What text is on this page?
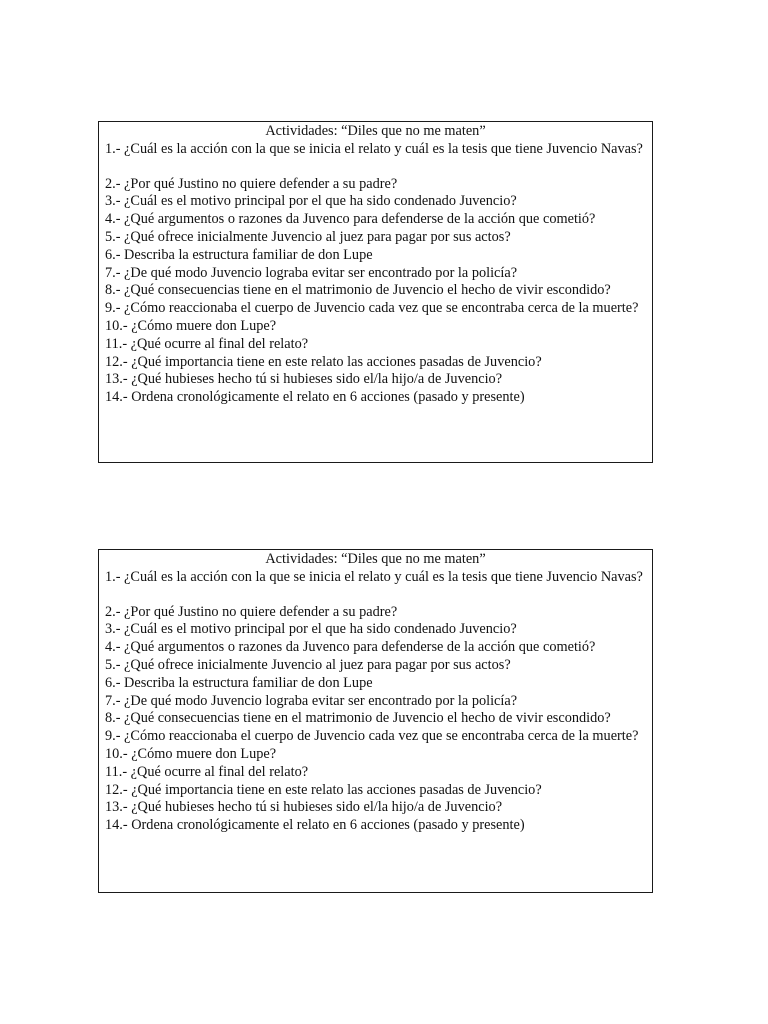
Actividades: “Diles que no me maten”

1.- ¿Cuál es la acción con la que se inicia el relato y cuál es la tesis que tiene Juvencio Navas?

2.- ¿Por qué Justino no quiere defender a su padre?

3.- ¿Cuál es el motivo principal por el que ha sido condenado Juvencio?

4.- ¿Qué argumentos o razones da Juvenco para defenderse de la acción que cometió?

5.- ¿Qué ofrece inicialmente Juvencio al juez para pagar por sus actos?

6.- Describa la estructura familiar de don Lupe

7.- ¿De qué modo Juvencio lograba evitar ser encontrado por la policía?

8.- ¿Qué consecuencias tiene en el matrimonio de Juvencio el hecho de vivir escondido?

9.- ¿Cómo reaccionaba el cuerpo de Juvencio cada vez que se encontraba cerca de la muerte?

10.- ¿Cómo muere don Lupe?

11.- ¿Qué ocurre al final del relato?

12.- ¿Qué importancia tiene en este relato las acciones pasadas de Juvencio?

13.- ¿Qué hubieses hecho tú si hubieses sido el/la hijo/a de Juvencio?

14.- Ordena cronológicamente el relato en 6 acciones (pasado y presente)

Actividades: “Diles que no me maten”

1.- ¿Cuál es la acción con la que se inicia el relato y cuál es la tesis que tiene Juvencio Navas?

2.- ¿Por qué Justino no quiere defender a su padre?

3.- ¿Cuál es el motivo principal por el que ha sido condenado Juvencio?

4.- ¿Qué argumentos o razones da Juvenco para defenderse de la acción que cometió?

5.- ¿Qué ofrece inicialmente Juvencio al juez para pagar por sus actos?

6.- Describa la estructura familiar de don Lupe

7.- ¿De qué modo Juvencio lograba evitar ser encontrado por la policía?

8.- ¿Qué consecuencias tiene en el matrimonio de Juvencio el hecho de vivir escondido?

9.- ¿Cómo reaccionaba el cuerpo de Juvencio cada vez que se encontraba cerca de la muerte?

10.- ¿Cómo muere don Lupe?

11.- ¿Qué ocurre al final del relato?

12.- ¿Qué importancia tiene en este relato las acciones pasadas de Juvencio?

13.- ¿Qué hubieses hecho tú si hubieses sido el/la hijo/a de Juvencio?

14.- Ordena cronológicamente el relato en 6 acciones (pasado y presente)
